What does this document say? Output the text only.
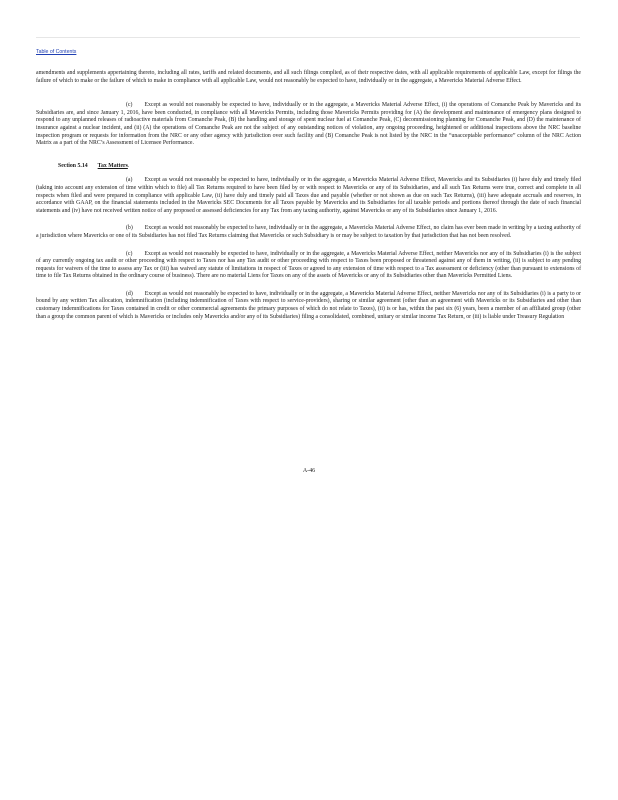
Table of Contents

amendments and supplements appertaining thereto, including all rates, tariffs and related documents, and all such filings complied, as of their respective dates, with all applicable requirements of applicable Law, except for filings the failure of which to make or the failure of which to make in compliance with all applicable Law, would not reasonably be expected to have, individually or in the aggregate, a Mavericks Material Adverse Effect.

(c) Except as would not reasonably be expected to have, individually or in the aggregate, a Mavericks Material Adverse Effect, (i) the operations of Comanche Peak by Mavericks and its Subsidiaries are, and since January 1, 2016, have been conducted, in compliance with all Mavericks Permits, including those Mavericks Permits providing for (A) the development and maintenance of emergency plans designed to respond to any unplanned releases of radioactive materials from Comanche Peak, (B) the handling and storage of spent nuclear fuel at Comanche Peak, (C) decommissioning planning for Comanche Peak, and (D) the maintenance of insurance against a nuclear incident, and (ii) (A) the operations of Comanche Peak are not the subject of any outstanding notices of violation, any ongoing proceeding, heightened or additional inspections above the NRC baseline inspection program or requests for information from the NRC or any other agency with jurisdiction over such facility and (B) Comanche Peak is not listed by the NRC in the “unacceptable performance” column of the NRC Action Matrix as a part of the NRC’s Assessment of Licensee Performance.

Section 5.14 Tax Matters.

(a) Except as would not reasonably be expected to have, individually or in the aggregate, a Mavericks Material Adverse Effect, Mavericks and its Subsidiaries (i) have duly and timely filed (taking into account any extension of time within which to file) all Tax Returns required to have been filed by or with respect to Mavericks or any of its Subsidiaries, and all such Tax Returns were true, correct and complete in all respects when filed and were prepared in compliance with applicable Law, (ii) have duly and timely paid all Taxes due and payable (whether or not shown as due on such Tax Returns), (iii) have adequate accruals and reserves, in accordance with GAAP, on the financial statements included in the Mavericks SEC Documents for all Taxes payable by Mavericks and its Subsidiaries for all taxable periods and portions thereof through the date of such financial statements and (iv) have not received written notice of any proposed or assessed deficiencies for any Tax from any taxing authority, against Mavericks or any of its Subsidiaries since January 1, 2016.

(b) Except as would not reasonably be expected to have, individually or in the aggregate, a Mavericks Material Adverse Effect, no claim has ever been made in writing by a taxing authority of a jurisdiction where Mavericks or one of its Subsidiaries has not filed Tax Returns claiming that Mavericks or such Subsidiary is or may be subject to taxation by that jurisdiction that has not been resolved.

(c) Except as would not reasonably be expected to have, individually or in the aggregate, a Mavericks Material Adverse Effect, neither Mavericks nor any of its Subsidiaries (i) is the subject of any currently ongoing tax audit or other proceeding with respect to Taxes nor has any Tax audit or other proceeding with respect to Taxes been proposed or threatened against any of them in writing, (ii) is subject to any pending requests for waivers of the time to assess any Tax or (iii) has waived any statute of limitations in respect of Taxes or agreed to any extension of time with respect to a Tax assessment or deficiency (other than pursuant to extensions of time to file Tax Returns obtained in the ordinary course of business). There are no material Liens for Taxes on any of the assets of Mavericks or any of its Subsidiaries other than Mavericks Permitted Liens.

(d) Except as would not reasonably be expected to have, individually or in the aggregate, a Mavericks Material Adverse Effect, neither Mavericks nor any of its Subsidiaries (i) is a party to or bound by any written Tax allocation, indemnification (including indemnification of Taxes with respect to service-providers), sharing or similar agreement (other than an agreement with Mavericks or its Subsidiaries and other than customary indemnifications for Taxes contained in credit or other commercial agreements the primary purposes of which do not relate to Taxes), (ii) is or has, within the past six (6) years, been a member of an affiliated group (other than a group the common parent of which is Mavericks or includes only Mavericks and/or any of its Subsidiaries) filing a consolidated, combined, unitary or similar income Tax Return, or (iii) is liable under Treasury Regulation

A-46
